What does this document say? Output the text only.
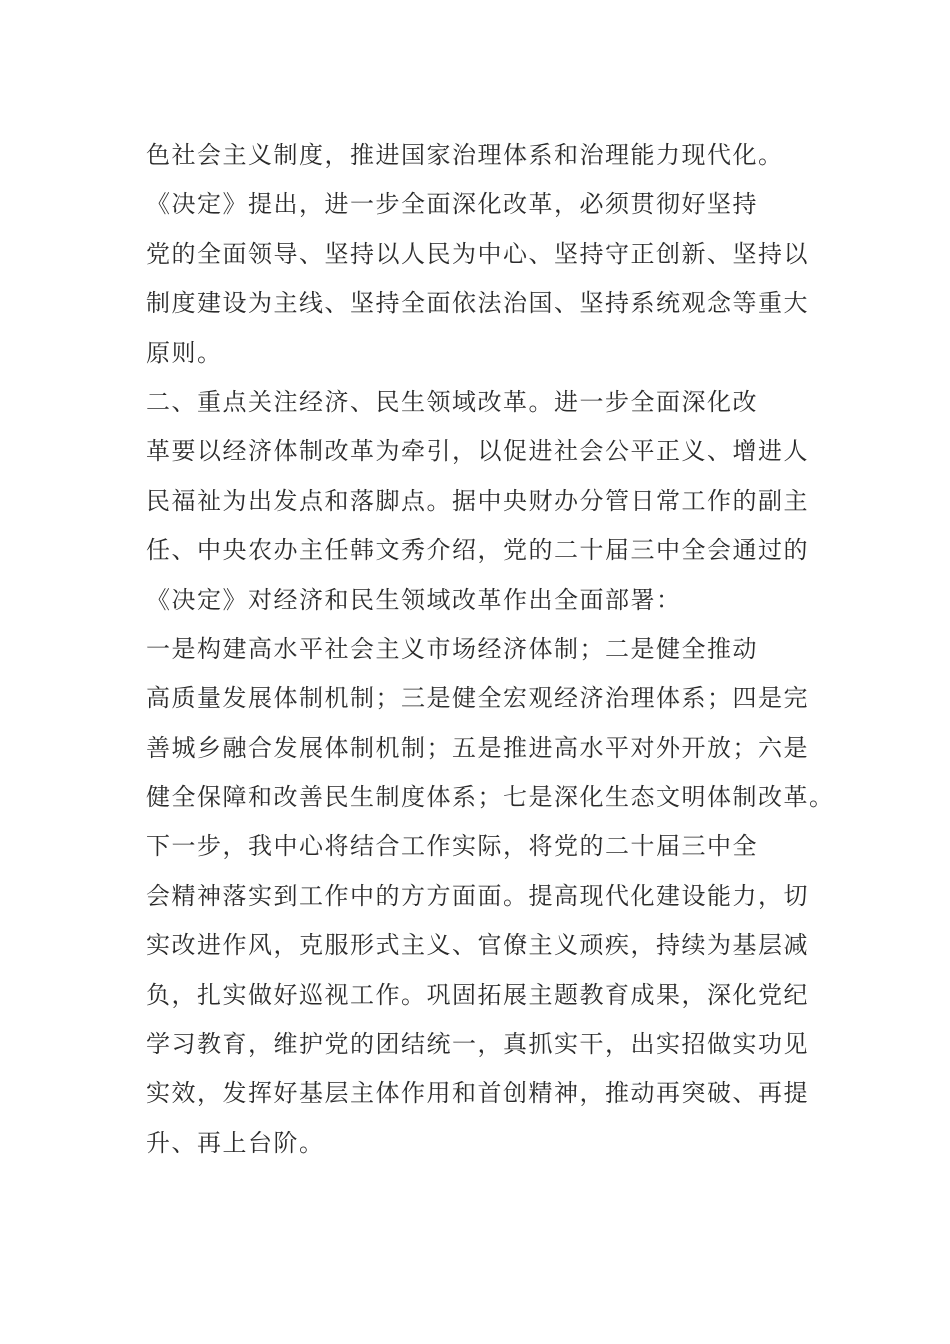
色社会主义制度，推进国家治理体系和治理能力现代化。
《决定》提出，进一步全面深化改革，必须贯彻好坚持
党的全面领导、坚持以人民为中心、坚持守正创新、坚持以
制度建设为主线、坚持全面依法治国、坚持系统观念等重大
原则。
二、重点关注经济、民生领域改革。进一步全面深化改
革要以经济体制改革为牵引，以促进社会公平正义、增进人
民福祉为出发点和落脚点。据中央财办分管日常工作的副主
任、中央农办主任韩文秀介绍，党的二十届三中全会通过的
《决定》对经济和民生领域改革作出全面部署：
一是构建高水平社会主义市场经济体制；二是健全推动
高质量发展体制机制；三是健全宏观经济治理体系；四是完
善城乡融合发展体制机制；五是推进高水平对外开放；六是
健全保障和改善民生制度体系；七是深化生态文明体制改革。
下一步，我中心将结合工作实际，将党的二十届三中全
会精神落实到工作中的方方面面。提高现代化建设能力，切
实改进作风，克服形式主义、官僚主义顽疾，持续为基层减
负，扎实做好巡视工作。巩固拓展主题教育成果，深化党纪
学习教育，维护党的团结统一，真抓实干，出实招做实功见
实效，发挥好基层主体作用和首创精神，推动再突破、再提
升、再上台阶。
